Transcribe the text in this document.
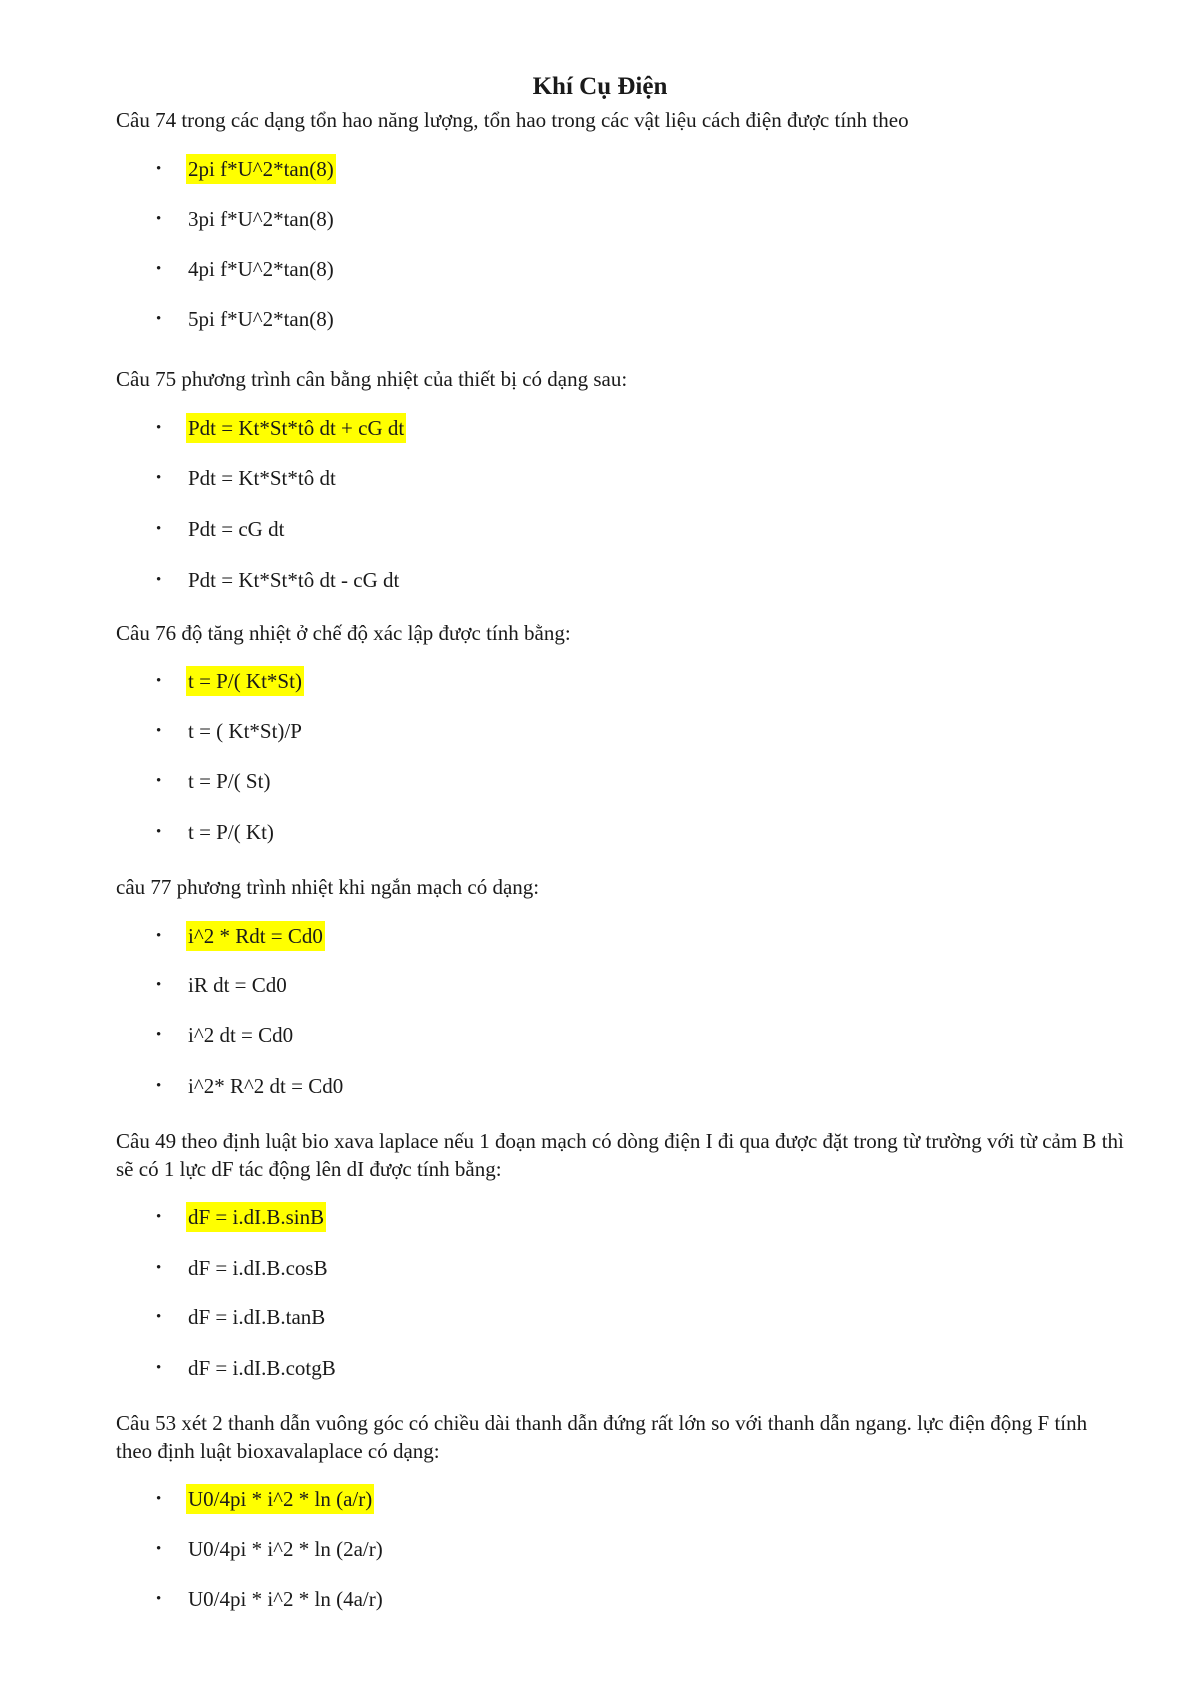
Khí Cụ Điện
Câu 74 trong các dạng tổn hao năng lượng, tổn hao trong các vật liệu cách điện được tính theo
• 2pi f*U^2*tan(8)
• 3pi f*U^2*tan(8)
• 4pi f*U^2*tan(8)
• 5pi f*U^2*tan(8)
Câu 75 phương trình cân bằng nhiệt của thiết bị có dạng sau:
• Pdt = Kt*St*tô dt + cG dt
• Pdt = Kt*St*tô dt
• Pdt = cG dt
• Pdt = Kt*St*tô dt - cG dt
Câu 76 độ tăng nhiệt ở chế độ xác lập được tính bằng:
• t = P/( Kt*St)
• t = ( Kt*St)/P
• t = P/( St)
• t = P/( Kt)
câu 77 phương trình nhiệt khi ngắn mạch có dạng:
• i^2 * Rdt = Cd0
• iR dt = Cd0
• i^2 dt = Cd0
• i^2* R^2 dt = Cd0
Câu 49 theo định luật bio xava laplace nếu 1 đoạn mạch có dòng điện I đi qua được đặt trong từ trường với từ cảm B thì sẽ có 1 lực dF tác động lên dI được tính bằng:
• dF = i.dI.B.sinB
• dF = i.dI.B.cosB
• dF = i.dI.B.tanB
• dF = i.dI.B.cotgB
Câu 53 xét 2 thanh dẫn vuông góc có chiều dài thanh dẫn đứng rất lớn so với thanh dẫn ngang. lực điện động F tính theo định luật bioxavalaplace có dạng:
• U0/4pi * i^2 * ln (a/r)
• U0/4pi * i^2 * ln (2a/r)
• U0/4pi * i^2 * ln (4a/r)
